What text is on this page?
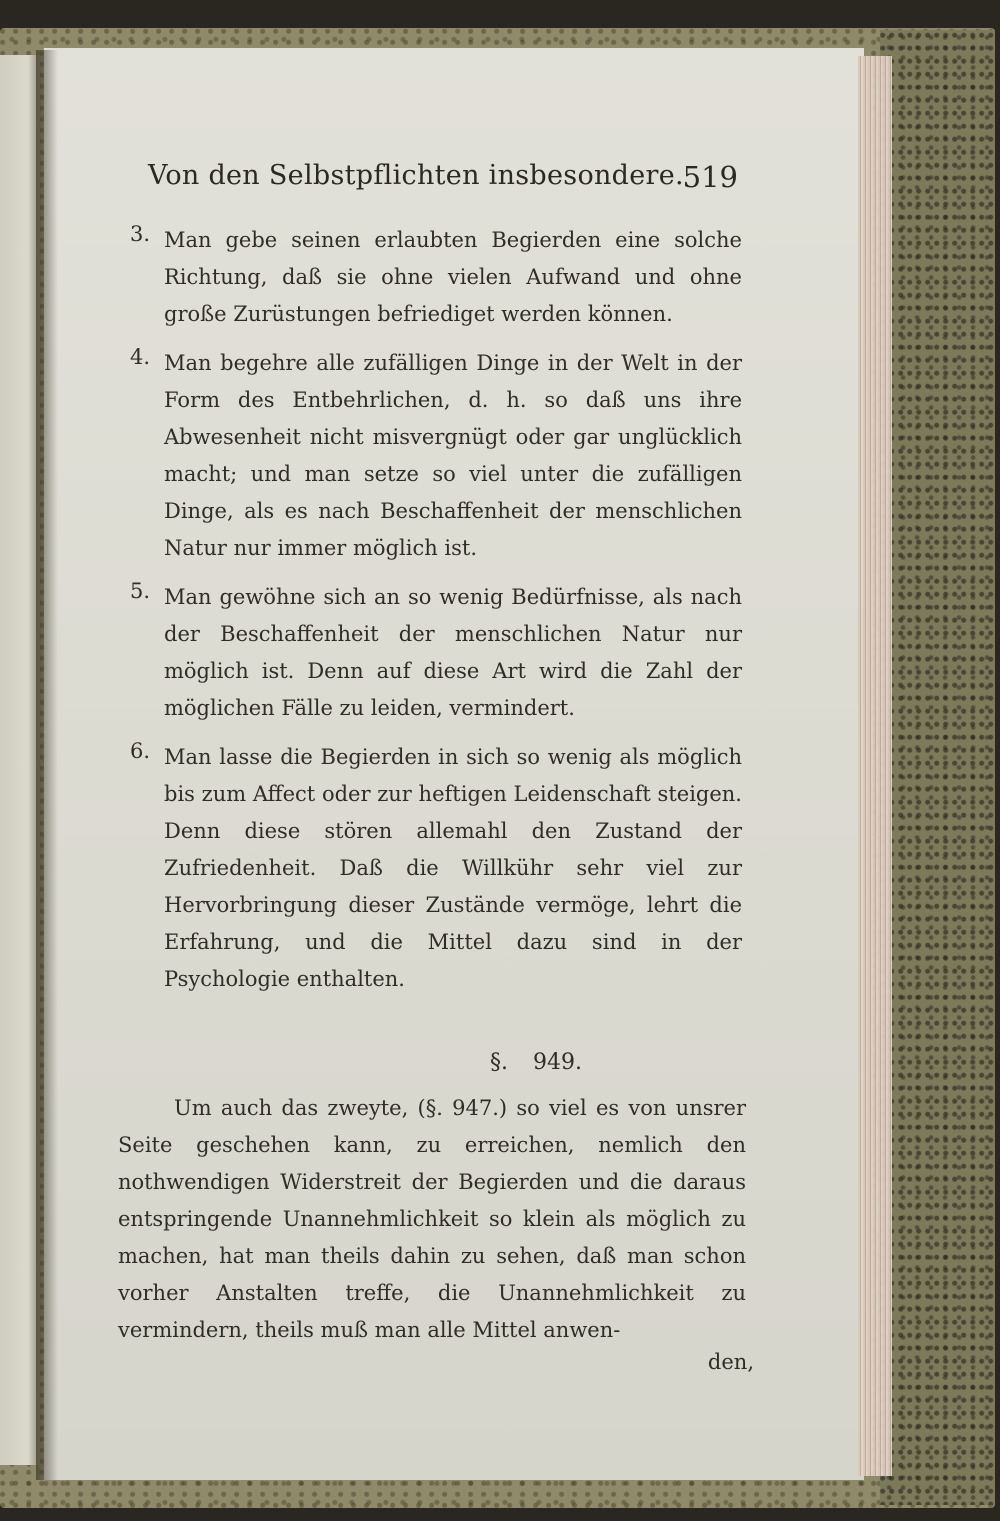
Von den Selbstpflichten insbesondere.
519
3. Man gebe seinen erlaubten Begierden eine solche Richtung, daß sie ohne vielen Aufwand und ohne große Zurüstungen befriediget werden können.
4. Man begehre alle zufälligen Dinge in der Welt in der Form des Entbehrlichen, d. h. so daß uns ihre Abwesenheit nicht misvergnügt oder gar unglücklich macht; und man setze so viel unter die zufälligen Dinge, als es nach Beschaffenheit der menschlichen Natur nur immer möglich ist.
5. Man gewöhne sich an so wenig Bedürfnisse, als nach der Beschaffenheit der menschlichen Natur nur möglich ist. Denn auf diese Art wird die Zahl der möglichen Fälle zu leiden, vermindert.
6. Man lasse die Begierden in sich so wenig als möglich bis zum Affect oder zur heftigen Leidenschaft steigen. Denn diese stören allemahl den Zustand der Zufriedenheit. Daß die Willkühr sehr viel zur Hervorbringung dieser Zustände vermöge, lehrt die Erfahrung, und die Mittel dazu sind in der Psychologie enthalten.
§. 949.
Um auch das zweyte, (§. 947.) so viel es von unsrer Seite geschehen kann, zu erreichen, nemlich den nothwendigen Widerstreit der Begierden und die daraus entspringende Unannehmlichkeit so klein als möglich zu machen, hat man theils dahin zu sehen, daß man schon vorher Anstalten treffe, die Unannehmlichkeit zu vermindern, theils muß man alle Mittel anwen-
den,
